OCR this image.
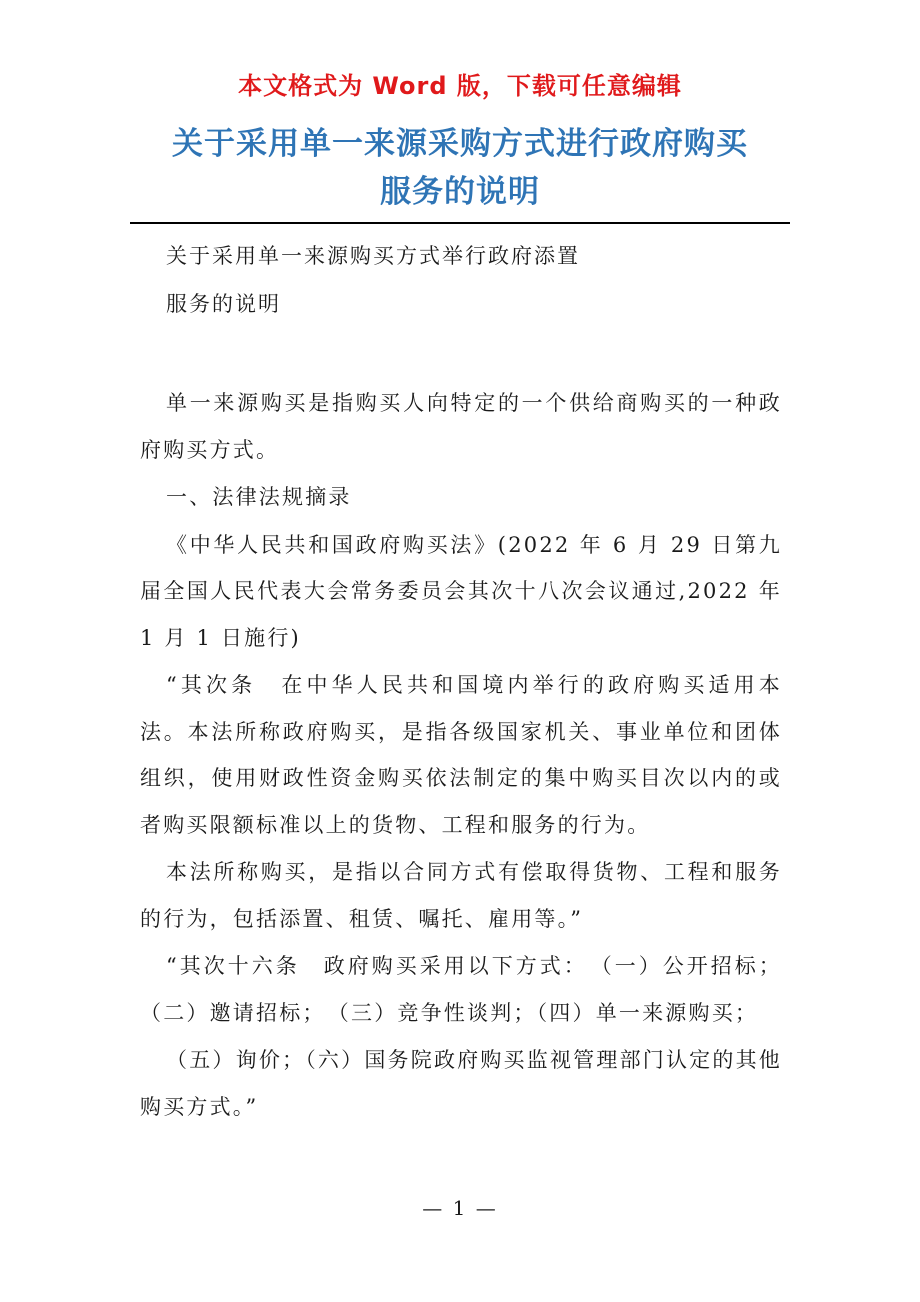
本文格式为 Word 版，下载可任意编辑
关于采用单一来源采购方式进行政府购买
服务的说明
关于采用单一来源购买方式举行政府添置
服务的说明

单一来源购买是指购买人向特定的一个供给商购买的一种政府购买方式。

一、法律法规摘录

《中华人民共和国政府购买法》(2022 年 6 月 29 日第九届全国人民代表大会常务委员会其次十八次会议通过,2022 年 1 月 1 日施行)

“其次条　在中华人民共和国境内举行的政府购买适用本法。本法所称政府购买，是指各级国家机关、事业单位和团体组织，使用财政性资金购买依法制定的集中购买目次以内的或者购买限额标准以上的货物、工程和服务的行为。

本法所称购买，是指以合同方式有偿取得货物、工程和服务的行为，包括添置、租赁、嘱托、雇用等。”

“其次十六条　政府购买采用以下方式：　（一）公开招标；（二）邀请招标；　（三）竞争性谈判；（四）单一来源购买；

（五）询价；（六）国务院政府购买监视管理部门认定的其他购买方式。”

— 1 —
